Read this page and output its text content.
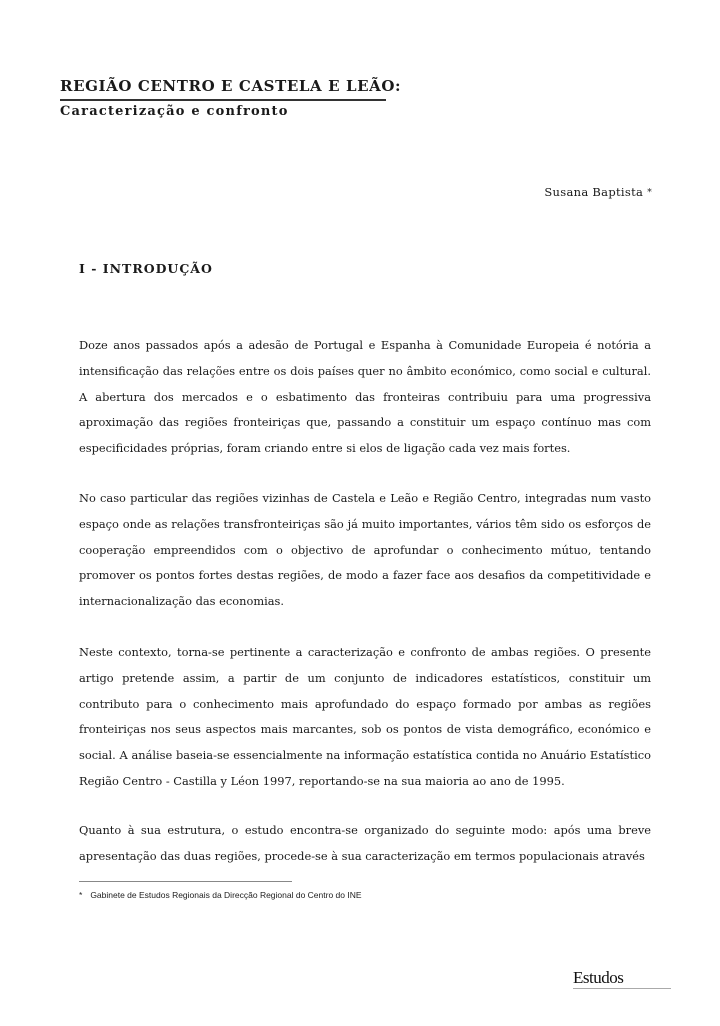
REGIÃO CENTRO E CASTELA E LEÃO:
Caracterização e confronto
Susana Baptista *
I - INTRODUÇÃO

Doze anos passados após a adesão de Portugal e Espanha à Comunidade Europeia é notória a intensificação das relações entre os dois países quer no âmbito económico, como social e cultural. A abertura dos mercados e o esbatimento das fronteiras contribuiu para uma progressiva aproximação das regiões fronteiriças que, passando a constituir um espaço contínuo mas com especificidades próprias, foram criando entre si elos de ligação cada vez mais fortes.

No caso particular das regiões vizinhas de Castela e Leão e Região Centro, integradas num vasto espaço onde as relações transfronteiriças são já muito importantes, vários têm sido os esforços de cooperação empreendidos com o objectivo de aprofundar o conhecimento mútuo, tentando promover os pontos fortes destas regiões, de modo a fazer face aos desafios da competitividade e internacionalização das economias.

Neste contexto, torna-se pertinente a caracterização e confronto de ambas regiões. O presente artigo pretende assim, a partir de um conjunto de indicadores estatísticos, constituir um contributo para o conhecimento mais aprofundado do espaço formado por ambas as regiões fronteiriças nos seus aspectos mais marcantes, sob os pontos de vista demográfico, económico e social. A análise baseia-se essencialmente na informação estatística contida no Anuário Estatístico Região Centro - Castilla y Léon 1997, reportando-se na sua maioria ao ano de 1995.

Quanto à sua estrutura, o estudo encontra-se organizado do seguinte modo: após uma breve apresentação das duas regiões, procede-se à sua caracterização em termos populacionais através

* Gabinete de Estudos Regionais da Direcção Regional do Centro do INE
Estudos
